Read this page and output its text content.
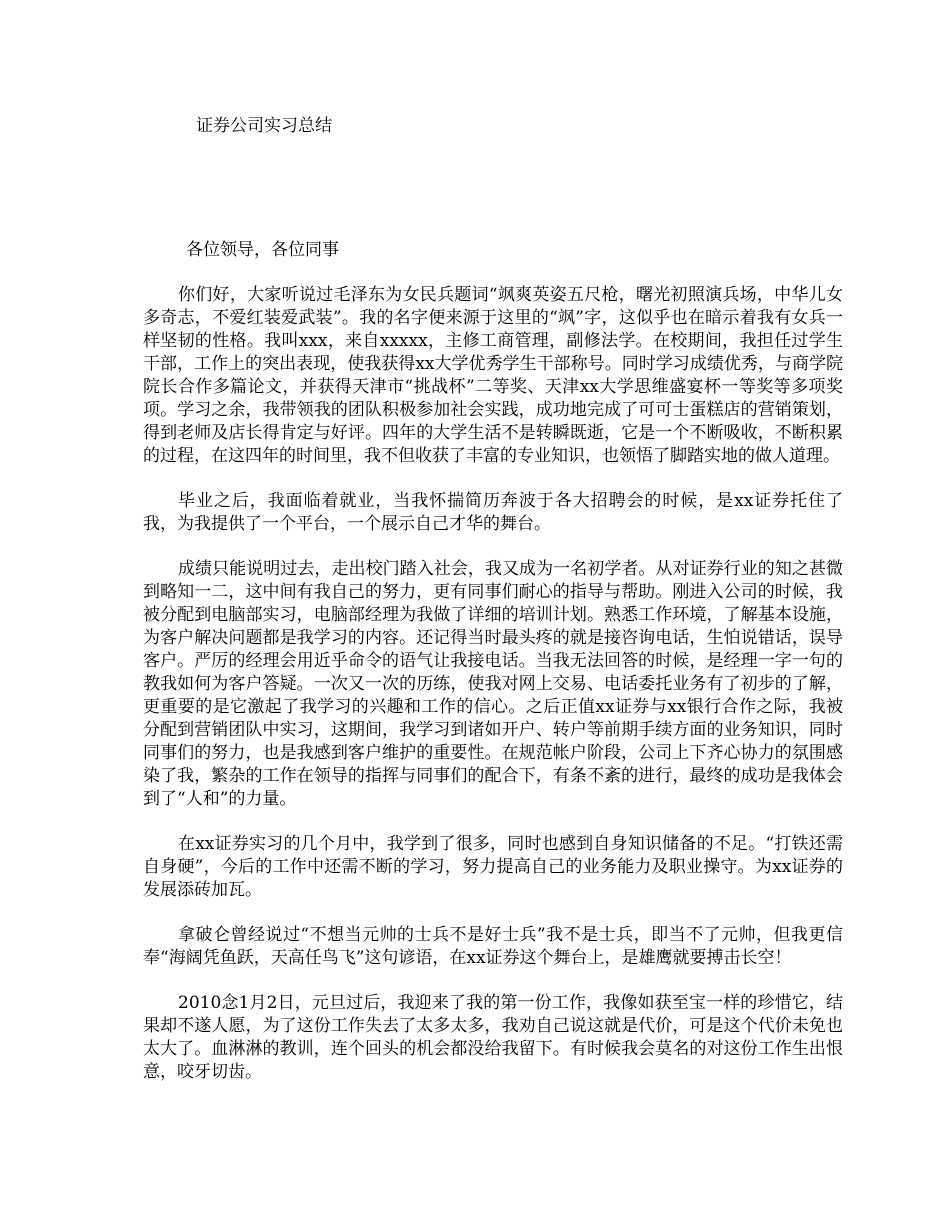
证券公司实习总结

各位领导，各位同事

你们好，大家听说过毛泽东为女民兵题词“飒爽英姿五尺枪，曙光初照演兵场，中华儿女多奇志，不爱红装爱武装”。我的名字便来源于这里的“飒”字，这似乎也在暗示着我有女兵一样坚韧的性格。我叫xxx，来自xxxxx，主修工商管理，副修法学。在校期间，我担任过学生干部，工作上的突出表现，使我获得xx大学优秀学生干部称号。同时学习成绩优秀，与商学院院长合作多篇论文，并获得天津市“挑战杯”二等奖、天津xx大学思维盛宴杯一等奖等多项奖项。学习之余，我带领我的团队积极参加社会实践，成功地完成了可可士蛋糕店的营销策划，得到老师及店长得肯定与好评。四年的大学生活不是转瞬既逝，它是一个不断吸收，不断积累的过程，在这四年的时间里，我不但收获了丰富的专业知识，也领悟了脚踏实地的做人道理。

毕业之后，我面临着就业，当我怀揣简历奔波于各大招聘会的时候，是xx证券托住了我，为我提供了一个平台，一个展示自己才华的舞台。

成绩只能说明过去，走出校门踏入社会，我又成为一名初学者。从对证券行业的知之甚微到略知一二，这中间有我自己的努力，更有同事们耐心的指导与帮助。刚进入公司的时候，我被分配到电脑部实习，电脑部经理为我做了详细的培训计划。熟悉工作环境，了解基本设施，为客户解决问题都是我学习的内容。还记得当时最头疼的就是接咨询电话，生怕说错话，误导客户。严厉的经理会用近乎命令的语气让我接电话。当我无法回答的时候，是经理一字一句的教我如何为客户答疑。一次又一次的历练，使我对网上交易、电话委托业务有了初步的了解，更重要的是它激起了我学习的兴趣和工作的信心。之后正值xx证券与xx银行合作之际，我被分配到营销团队中实习，这期间，我学习到诸如开户、转户等前期手续方面的业务知识，同时同事们的努力，也是我感到客户维护的重要性。在规范帐户阶段，公司上下齐心协力的氛围感染了我，繁杂的工作在领导的指挥与同事们的配合下，有条不紊的进行，最终的成功是我体会到了“人和”的力量。

在xx证券实习的几个月中，我学到了很多，同时也感到自身知识储备的不足。“打铁还需自身硬”，今后的工作中还需不断的学习，努力提高自己的业务能力及职业操守。为xx证券的发展添砖加瓦。

拿破仑曾经说过“不想当元帅的士兵不是好士兵”我不是士兵，即当不了元帅，但我更信奉“海阔凭鱼跃，天高任鸟飞”这句谚语，在xx证券这个舞台上，是雄鹰就要搏击长空！

2010念1月2日，元旦过后，我迎来了我的第一份工作，我像如获至宝一样的珍惜它，结果却不遂人愿，为了这份工作失去了太多太多，我劝自己说这就是代价，可是这个代价未免也太大了。血淋淋的教训，连个回头的机会都没给我留下。有时候我会莫名的对这份工作生出恨意，咬牙切齿。
